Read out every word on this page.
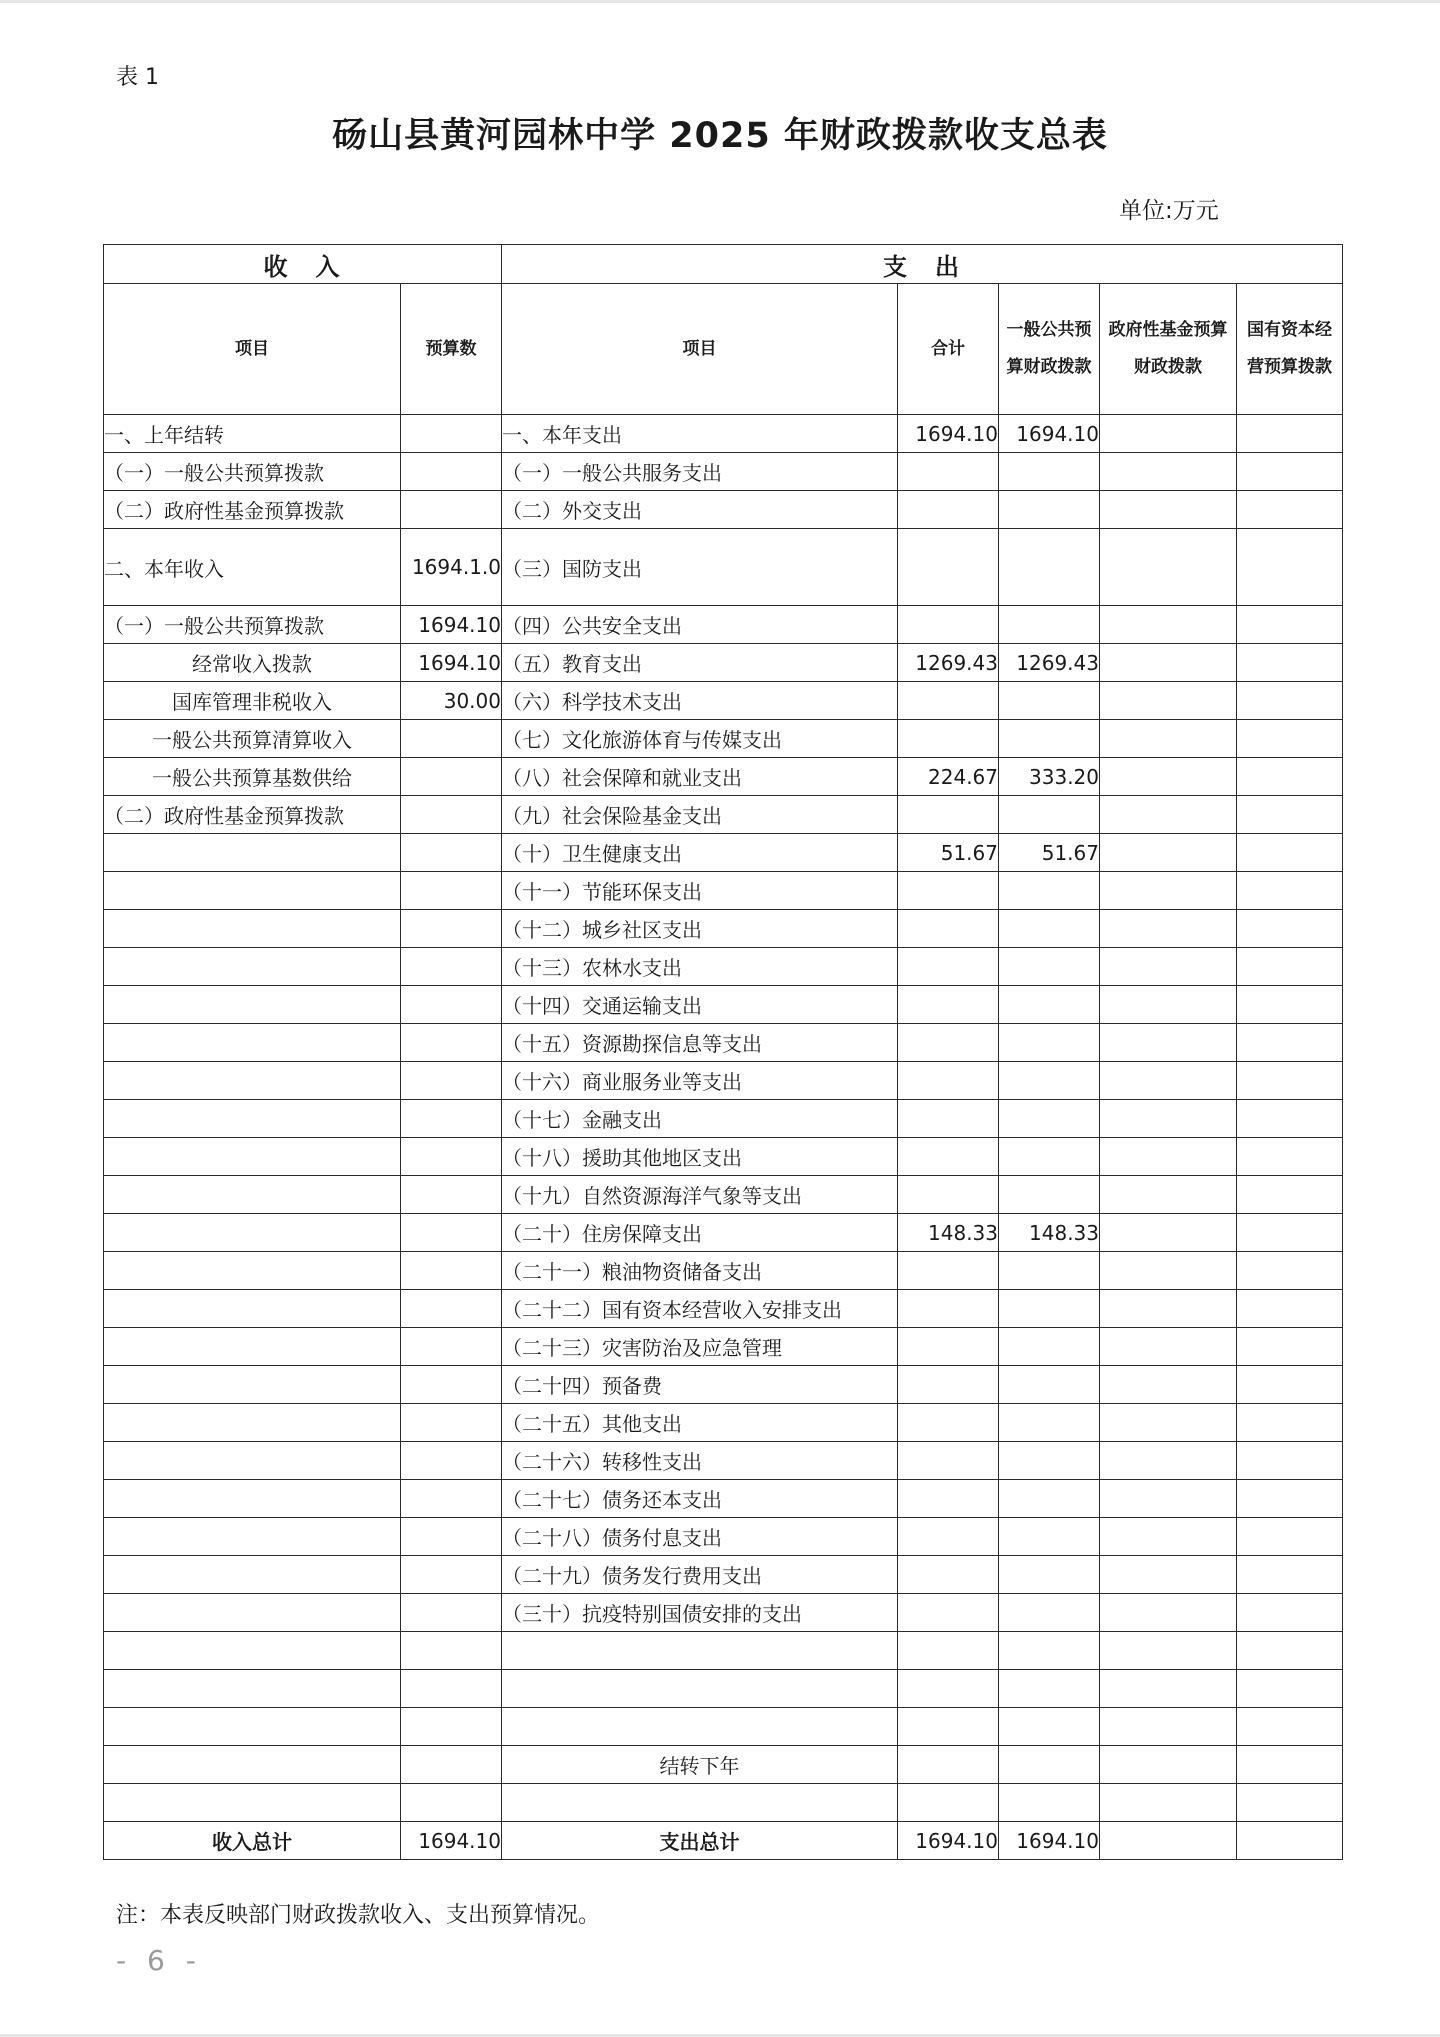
表 1
砀山县黄河园林中学 2025 年财政拨款收支总表
单位:万元
收　入		支　出				
项目	预算数	项目	合计	一般公共预算财政拨款	政府性基金预算财政拨款	国有资本经营预算拨款
一、上年结转		一、本年支出	1694.10	1694.10		
（一）一般公共预算拨款		（一）一般公共服务支出				
（二）政府性基金预算拨款		（二）外交支出				
二、本年收入	1694.1.0	（三）国防支出				
（一）一般公共预算拨款	1694.10	（四）公共安全支出				
经常收入拨款	1694.10	（五）教育支出	1269.43	1269.43		
国库管理非税收入	30.00	（六）科学技术支出				
一般公共预算清算收入		（七）文化旅游体育与传媒支出				
一般公共预算基数供给		（八）社会保障和就业支出	224.67	333.20		
（二）政府性基金预算拨款		（九）社会保险基金支出				
		（十）卫生健康支出	51.67	51.67		
		（十一）节能环保支出				
		（十二）城乡社区支出				
		（十三）农林水支出				
		（十四）交通运输支出				
		（十五）资源勘探信息等支出				
		（十六）商业服务业等支出				
		（十七）金融支出				
		（十八）援助其他地区支出				
		（十九）自然资源海洋气象等支出				
		（二十）住房保障支出	148.33	148.33		
		（二十一）粮油物资储备支出				
		（二十二）国有资本经营收入安排支出				
		（二十三）灾害防治及应急管理				
		（二十四）预备费				
		（二十五）其他支出				
		（二十六）转移性支出				
		（二十七）债务还本支出				
		（二十八）债务付息支出				
		（二十九）债务发行费用支出				
		（三十）抗疫特别国债安排的支出				

		结转下年				

收入总计	1694.10	支出总计	1694.10	1694.10		
注：本表反映部门财政拨款收入、支出预算情况。
- 6 -
